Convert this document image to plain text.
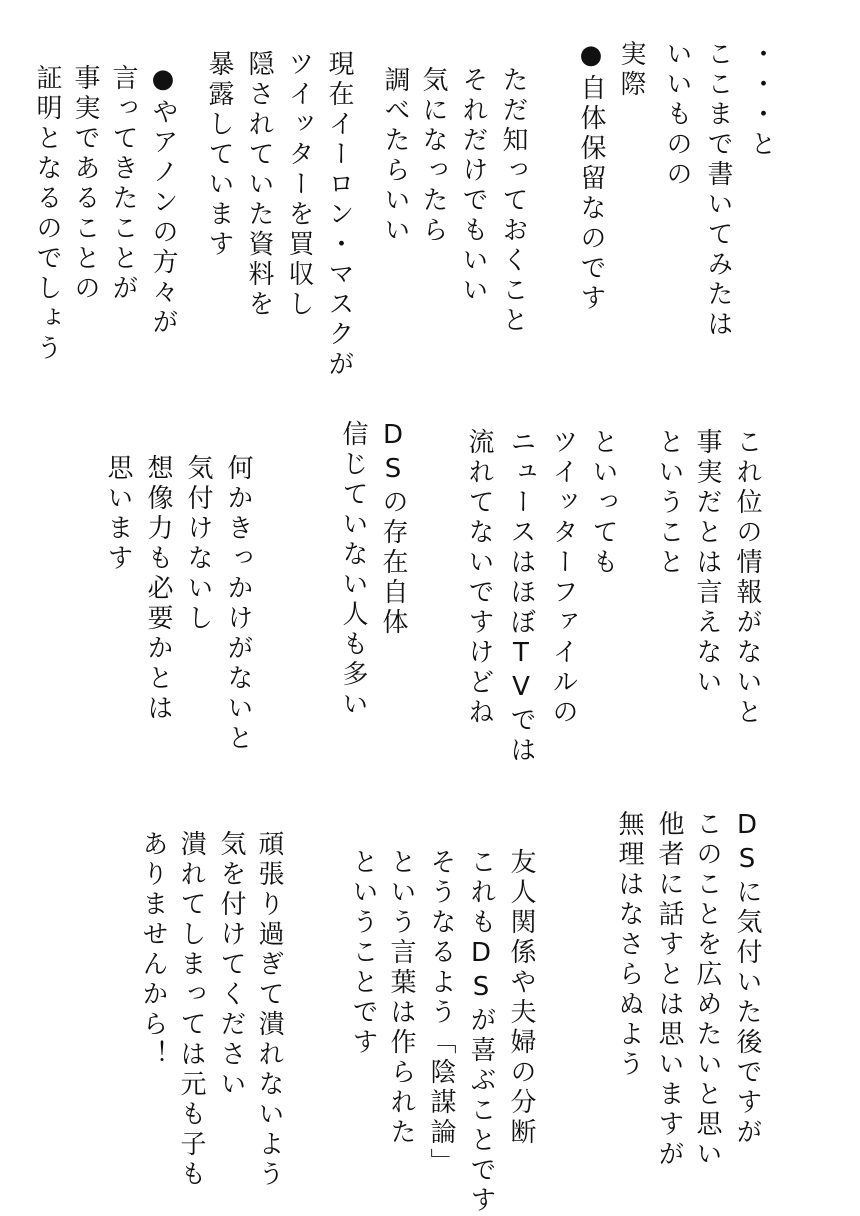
・・・と
ここまで書いてみたは
いいものの
実際
●自体保留なのです
ただ知っておくこと
それだけでもいい
気になったら
調べたらいい
現在イーロン・マスクが
ツイッターを買収し
隠されていた資料を
暴露しています
●やアノンの方々が
言ってきたことが
事実であることの
証明となるのでしょう
これ位の情報がないと
事実だとは言えない
ということ
といっても
ツイッターファイルの
ニュースはほぼTVでは
流れてないですけどね
DSの存在自体
信じていない人も多い
何かきっかけがないと
気付けないし
想像力も必要かとは
思います
DSに気付いた後ですが
このことを広めたいと思い
他者に話すとは思いますが
無理はなさらぬよう
友人関係や夫婦の分断
これもDSが喜ぶことです
そうなるよう「陰謀論」
という言葉は作られた
ということです
頑張り過ぎて潰れないよう
気を付けてください
潰れてしまっては元も子も
ありませんから！
